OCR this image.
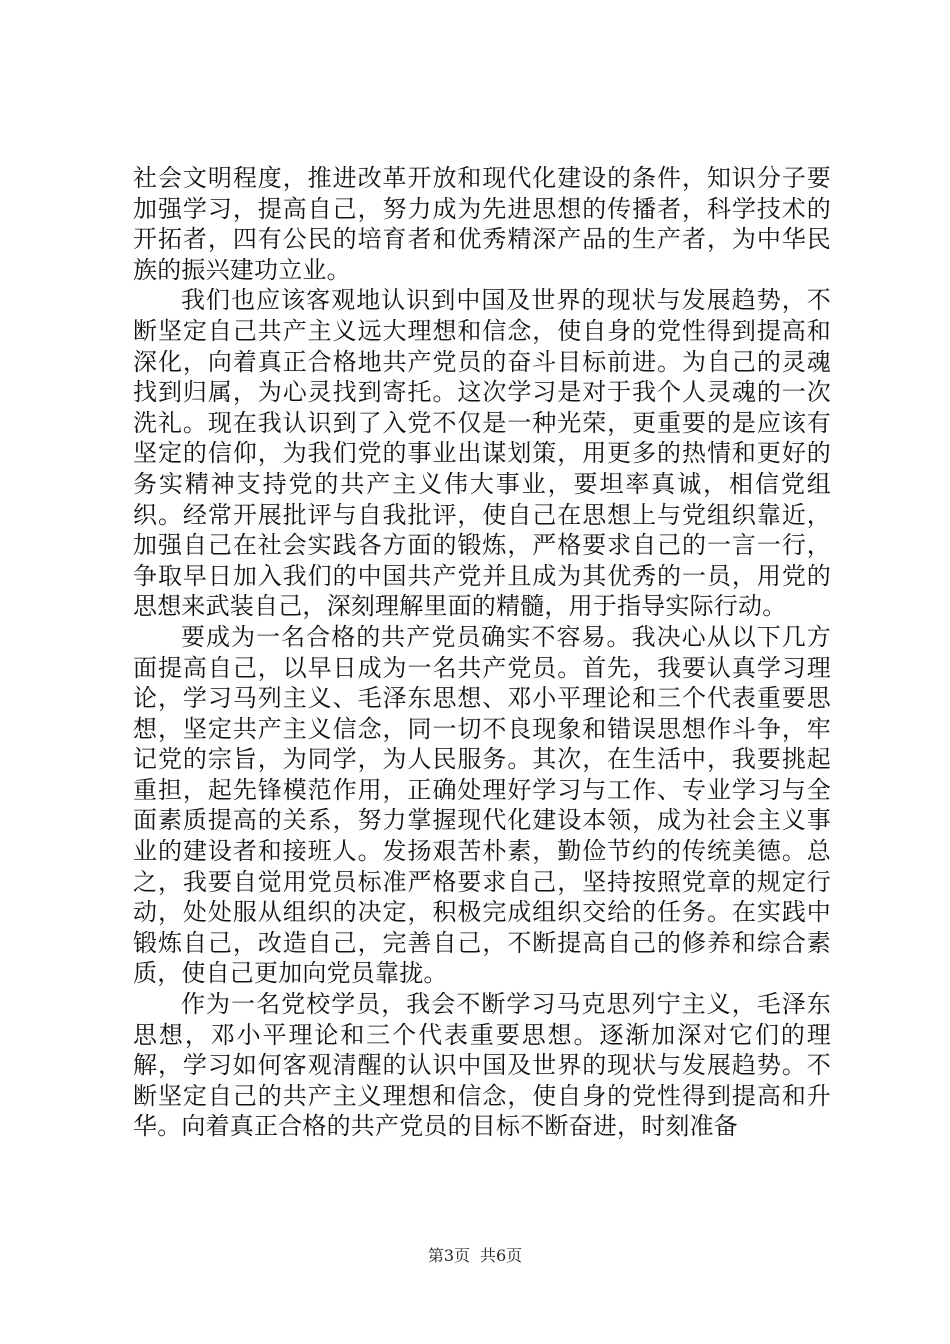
社会文明程度，推进改革开放和现代化建设的条件，知识分子要加强学习，提高自己，努力成为先进思想的传播者，科学技术的开拓者，四有公民的培育者和优秀精深产品的生产者，为中华民族的振兴建功立业。

我们也应该客观地认识到中国及世界的现状与发展趋势，不断坚定自己共产主义远大理想和信念，使自身的党性得到提高和深化，向着真正合格地共产党员的奋斗目标前进。为自己的灵魂找到归属，为心灵找到寄托。这次学习是对于我个人灵魂的一次洗礼。现在我认识到了入党不仅是一种光荣，更重要的是应该有坚定的信仰，为我们党的事业出谋划策，用更多的热情和更好的务实精神支持党的共产主义伟大事业，要坦率真诚，相信党组织。经常开展批评与自我批评，使自己在思想上与党组织靠近，加强自己在社会实践各方面的锻炼，严格要求自己的一言一行，争取早日加入我们的中国共产党并且成为其优秀的一员，用党的思想来武装自己，深刻理解里面的精髓，用于指导实际行动。

要成为一名合格的共产党员确实不容易。我决心从以下几方面提高自己，以早日成为一名共产党员。首先，我要认真学习理论，学习马列主义、毛泽东思想、邓小平理论和三个代表重要思想，坚定共产主义信念，同一切不良现象和错误思想作斗争，牢记党的宗旨，为同学，为人民服务。其次，在生活中，我要挑起重担，起先锋模范作用，正确处理好学习与工作、专业学习与全面素质提高的关系，努力掌握现代化建设本领，成为社会主义事业的建设者和接班人。发扬艰苦朴素，勤俭节约的传统美德。总之，我要自觉用党员标准严格要求自己，坚持按照党章的规定行动，处处服从组织的决定，积极完成组织交给的任务。在实践中锻炼自己，改造自己，完善自己，不断提高自己的修养和综合素质，使自己更加向党员靠拢。

作为一名党校学员，我会不断学习马克思列宁主义，毛泽东思想，邓小平理论和三个代表重要思想。逐渐加深对它们的理解，学习如何客观清醒的认识中国及世界的现状与发展趋势。不断坚定自己的共产主义理想和信念，使自身的党性得到提高和升华。向着真正合格的共产党员的目标不断奋进，时刻准备

第3页 共6页
